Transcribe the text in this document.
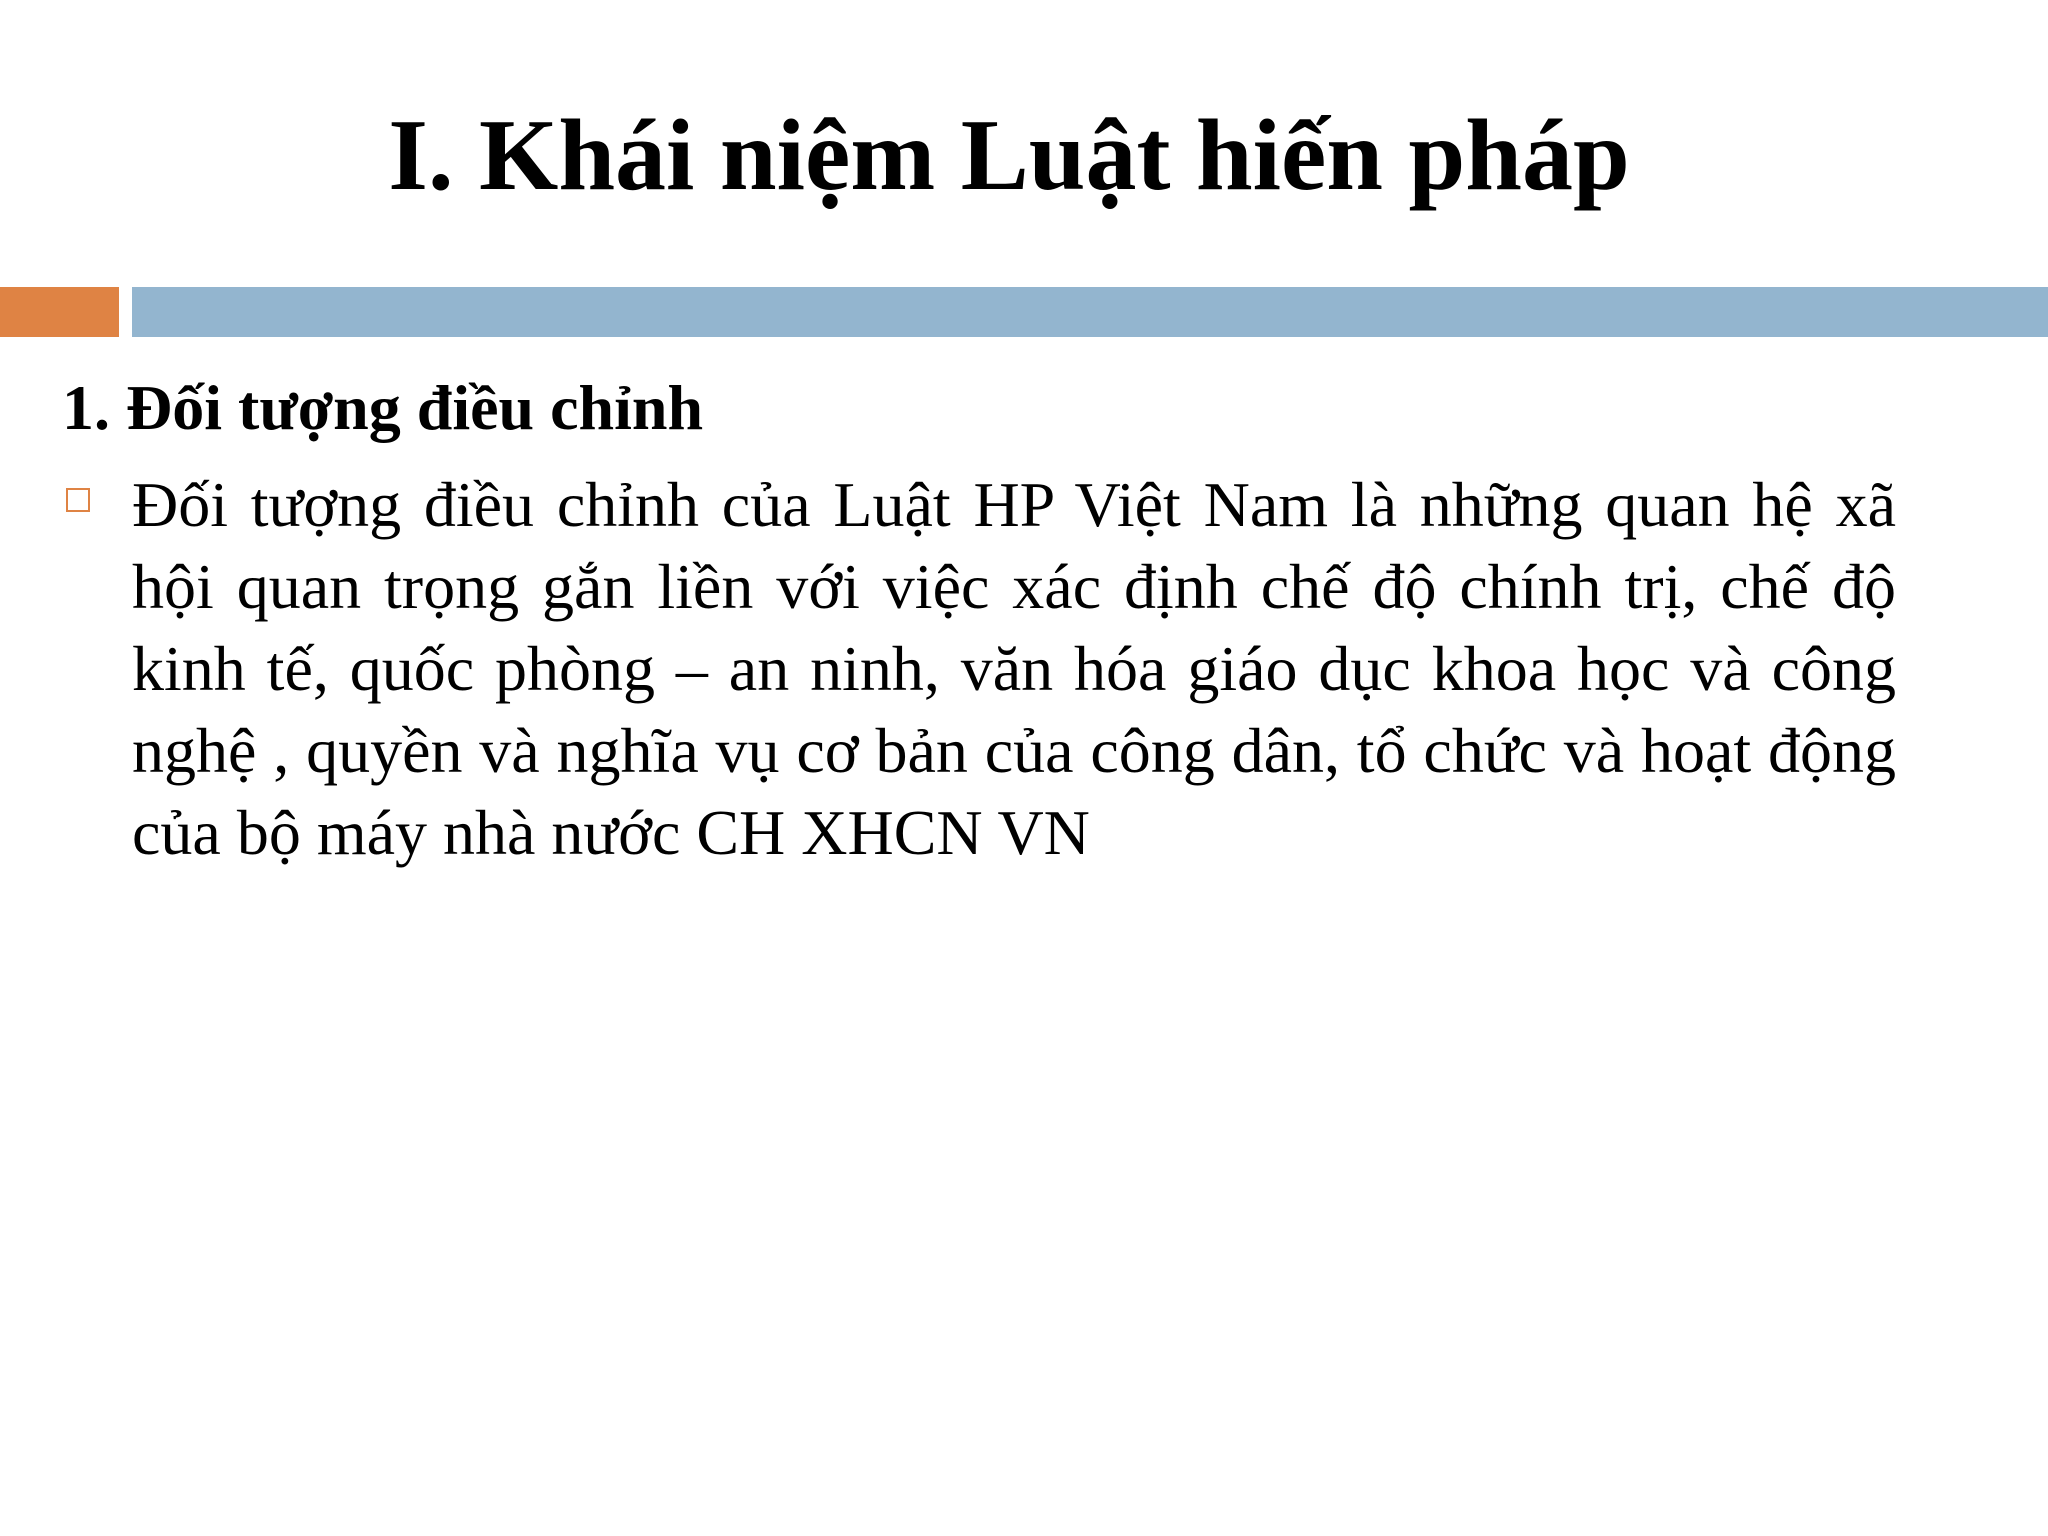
I. Khái niệm Luật hiến pháp
1. Đối tượng điều chỉnh

Đối tượng điều chỉnh của Luật HP Việt Nam là những quan hệ xã hội quan trọng gắn liền với việc xác định chế độ chính trị, chế độ kinh tế, quốc phòng – an ninh, văn hóa giáo dục khoa học và công nghệ , quyền và nghĩa vụ cơ bản của công dân, tổ chức và hoạt động của bộ máy nhà nước CH XHCN VN
